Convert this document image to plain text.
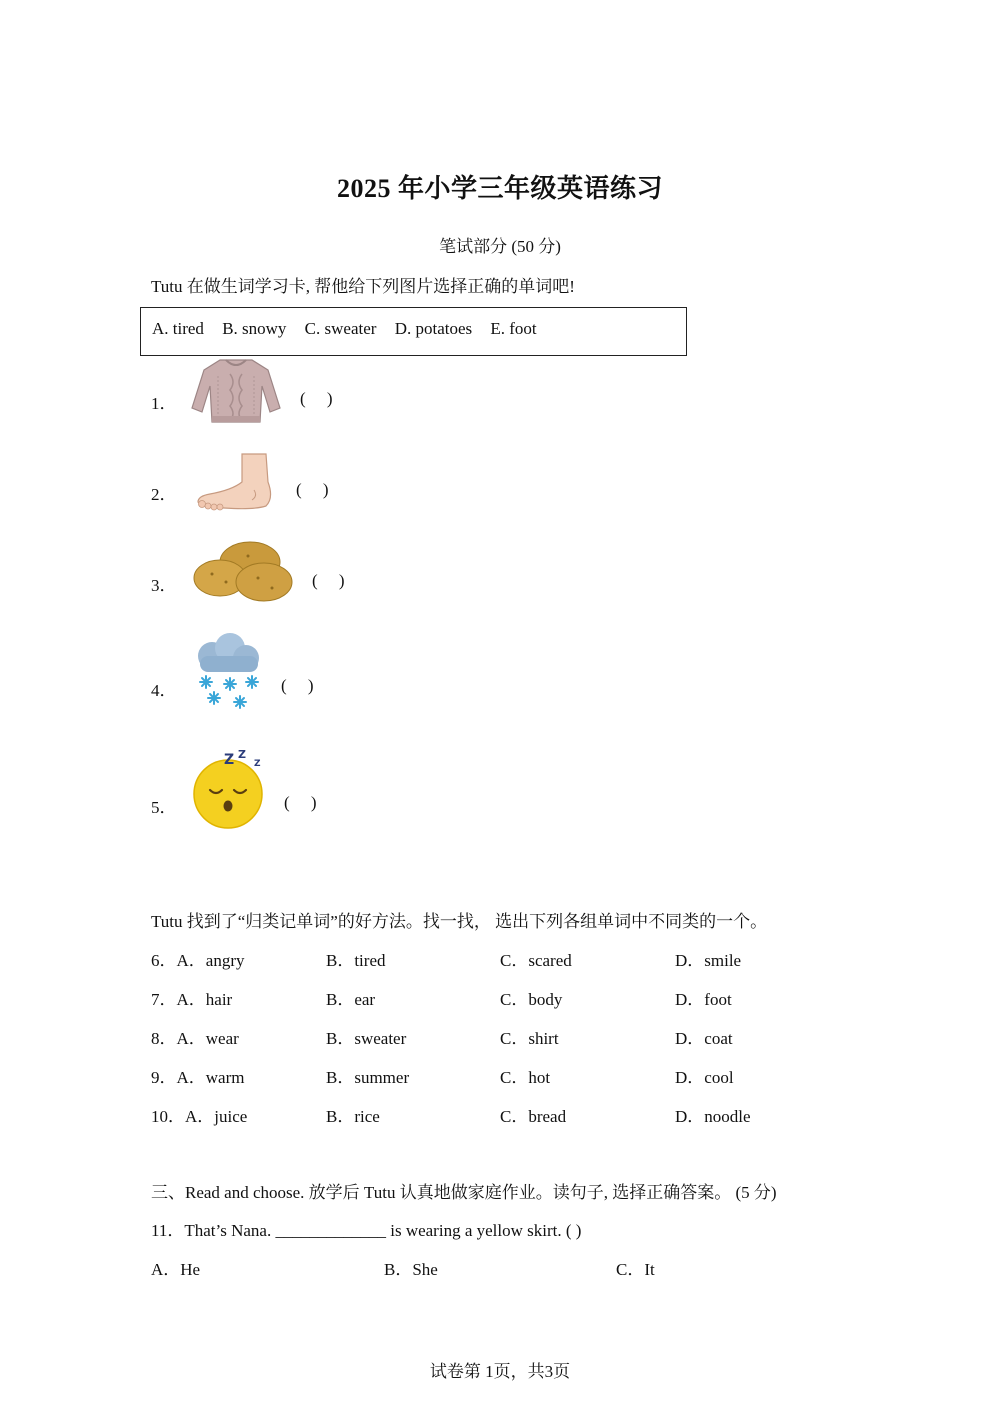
2025 年小学三年级英语练习
笔试部分 (50 分)
Tutu 在做生词学习卡, 帮他给下列图片选择正确的单词吧!
A. tired B. snowy C. sweater D. potatoes E. foot
1．	(     )
2．	(     )
3．	(     )
4．	(     )
5．
Z Z
Z
(     )
Tutu 找到了“归类记单词”的好方法。找一找， 选出下列各组单词中不同类的一个。
6．A．angry	B．tired	C．scared	D．smile
7．A．hair	B．ear	C．body	D．foot
8．A．wear	B．sweater	C．shirt	D．coat
9．A．warm	B．summer	C．hot	D．cool
10．A．juice	B．rice	C．bread	D．noodle
三、Read and choose. 放学后 Tutu 认真地做家庭作业。读句子, 选择正确答案。 (5 分)
11．That’s Nana. _____________ is wearing a yellow skirt. ( )
A．He	B．She	C．It
试卷第 1页，共3页
